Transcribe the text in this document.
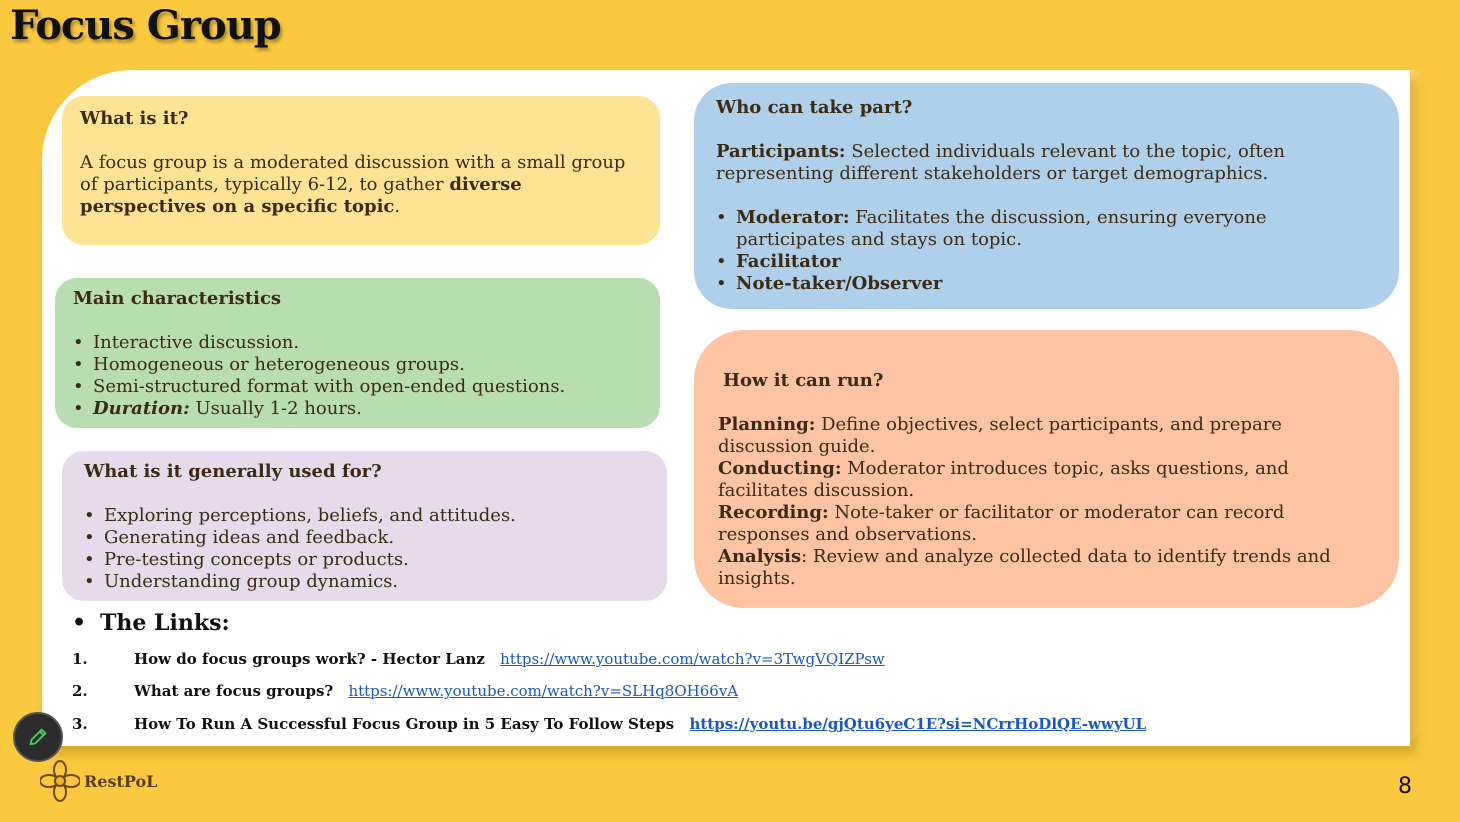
Focus Group
What is it?

A focus group is a moderated discussion with a small group of participants, typically 6-12, to gather diverse perspectives on a specific topic.

Main characteristics
• Interactive discussion.
• Homogeneous or heterogeneous groups.
• Semi-structured format with open-ended questions.
• Duration: Usually 1-2 hours.
What is it generally used for?
• Exploring perceptions, beliefs, and attitudes.
• Generating ideas and feedback.
• Pre-testing concepts or products.
• Understanding group dynamics.
Who can take part?

Participants: Selected individuals relevant to the topic, often representing different stakeholders or target demographics.

• Moderator: Facilitates the discussion, ensuring everyone participates and stays on topic.
• Facilitator
• Note-taker/Observer
How it can run?

Planning: Define objectives, select participants, and prepare discussion guide.

Conducting: Moderator introduces topic, asks questions, and facilitates discussion.

Recording: Note-taker or facilitator or moderator can record responses and observations.

Analysis: Review and analyze collected data to identify trends and insights.

• The Links:
1.	How do focus groups work? - Hector Lanz https://www.youtube.com/watch?v=3TwgVQIZPsw
2.	What are focus groups? https://www.youtube.com/watch?v=SLHq8OH66vA
3.	How To Run A Successful Focus Group in 5 Easy To Follow Steps https://youtu.be/gjQtu6yeC1E?si=NCrrHoDlQE-wwyUL
RestPoL	8
